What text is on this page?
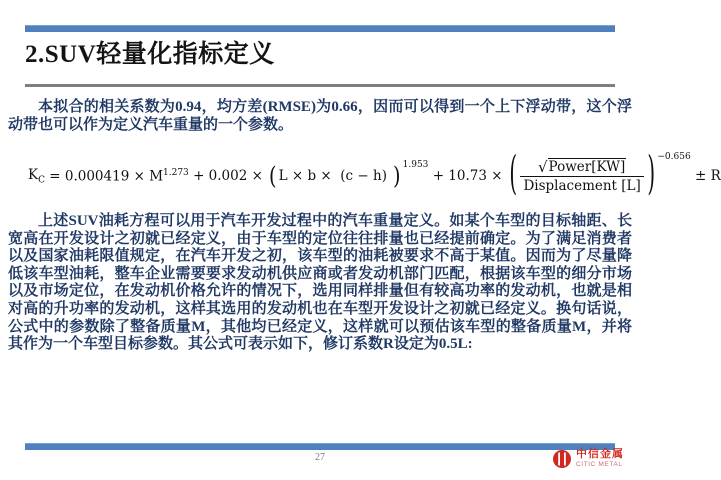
2.SUV轻量化指标定义

本拟合的相关系数为0.94，均方差(RMSE)为0.66，因而可以得到一个上下浮动带，这个浮动带也可以作为定义汽车重量的一个参数。

$K_C = 0.000419 \times M^{1.273} + 0.002$ × ( L × b ×  (c − h) )$^{1.953}$
+ 10.73 × ( $\frac{\text{√ Power[KW]}}{\text{Displacement [L]}}$ ) $^{-0.656}$
± R

上述SUV油耗方程可以用于汽车开发过程中的汽车重量定义。如某个车型的目标轴距、长宽高在开发设计之初就已经定义，由于车型的定位往往排量也已经提前确定。为了满足消费者以及国家油耗限值规定，在汽车开发之初，该车型的油耗被要求不高于某值。因而为了尽量降低该车型油耗，整车企业需要要求发动机供应商或者发动机部门匹配，根据该车型的细分市场以及市场定位，在发动机价格允许的情况下，选用同样排量但有较高功率的发动机，也就是相对高的升功率的发动机，这样其选用的发动机也在车型开发设计之初就已经定义。换句话说，公式中的参数除了整备质量M，其他均已经定义，这样就可以预估该车型的整备质量M，并将其作为一个车型目标参数。其公式可表示如下，修订系数R设定为0.5L:

27	中信金属
CITIC METAL
